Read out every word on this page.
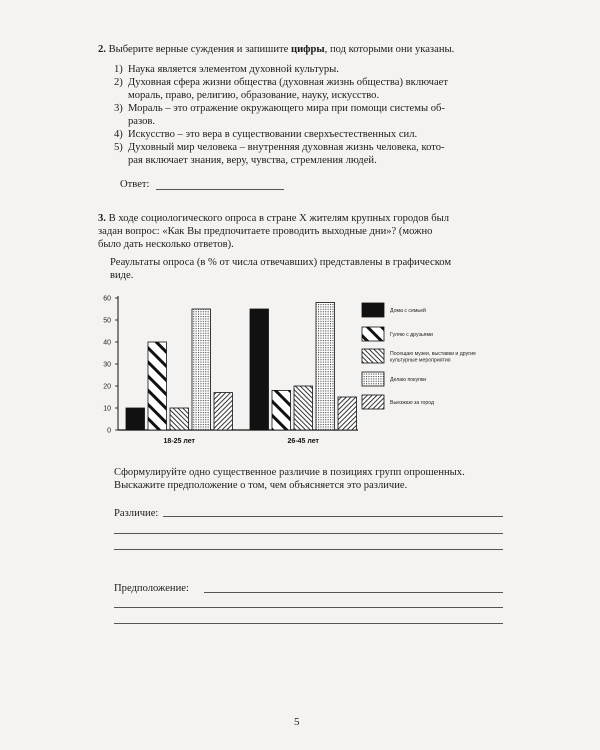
2. Выберите верные суждения и запишите цифры, под которыми они указаны.
1) Наука является элементом духовной культуры.
2) Духовная сфера жизни общества (духовная жизнь общества) включает
мораль, право, религию, образование, науку, искусство.
3) Мораль – это отражение окружающего мира при помощи системы об-
разов.
4) Искусство – это вера в существовании сверхъестественных сил.
5) Духовный мир человека – внутренняя духовная жизнь человека, кото-
рая включает знания, веру, чувства, стремления людей.
Ответ:
3. В ходе социологического опроса в стране Х жителям крупных городов был
задан вопрос: «Как Вы предпочитаете проводить выходные дни»? (можно
было дать несколько ответов).
Реаультаты опроса (в % от числа отвечавших) представлены в графическом
виде.
0
10
20
30
40
50
60
18-25 лет	26-45 лет
Дома с семьей
Гуляю с друзьями
Посещаю музеи, выставки и другие
культурные мероприятия
Делаю покупки
Выезжаю за город
Сформулируйте одно существенное различие в позициях групп опрошенных.
Выскажите предположение о том, чем объясняется это различие.
Различие:
Предположение:
5
